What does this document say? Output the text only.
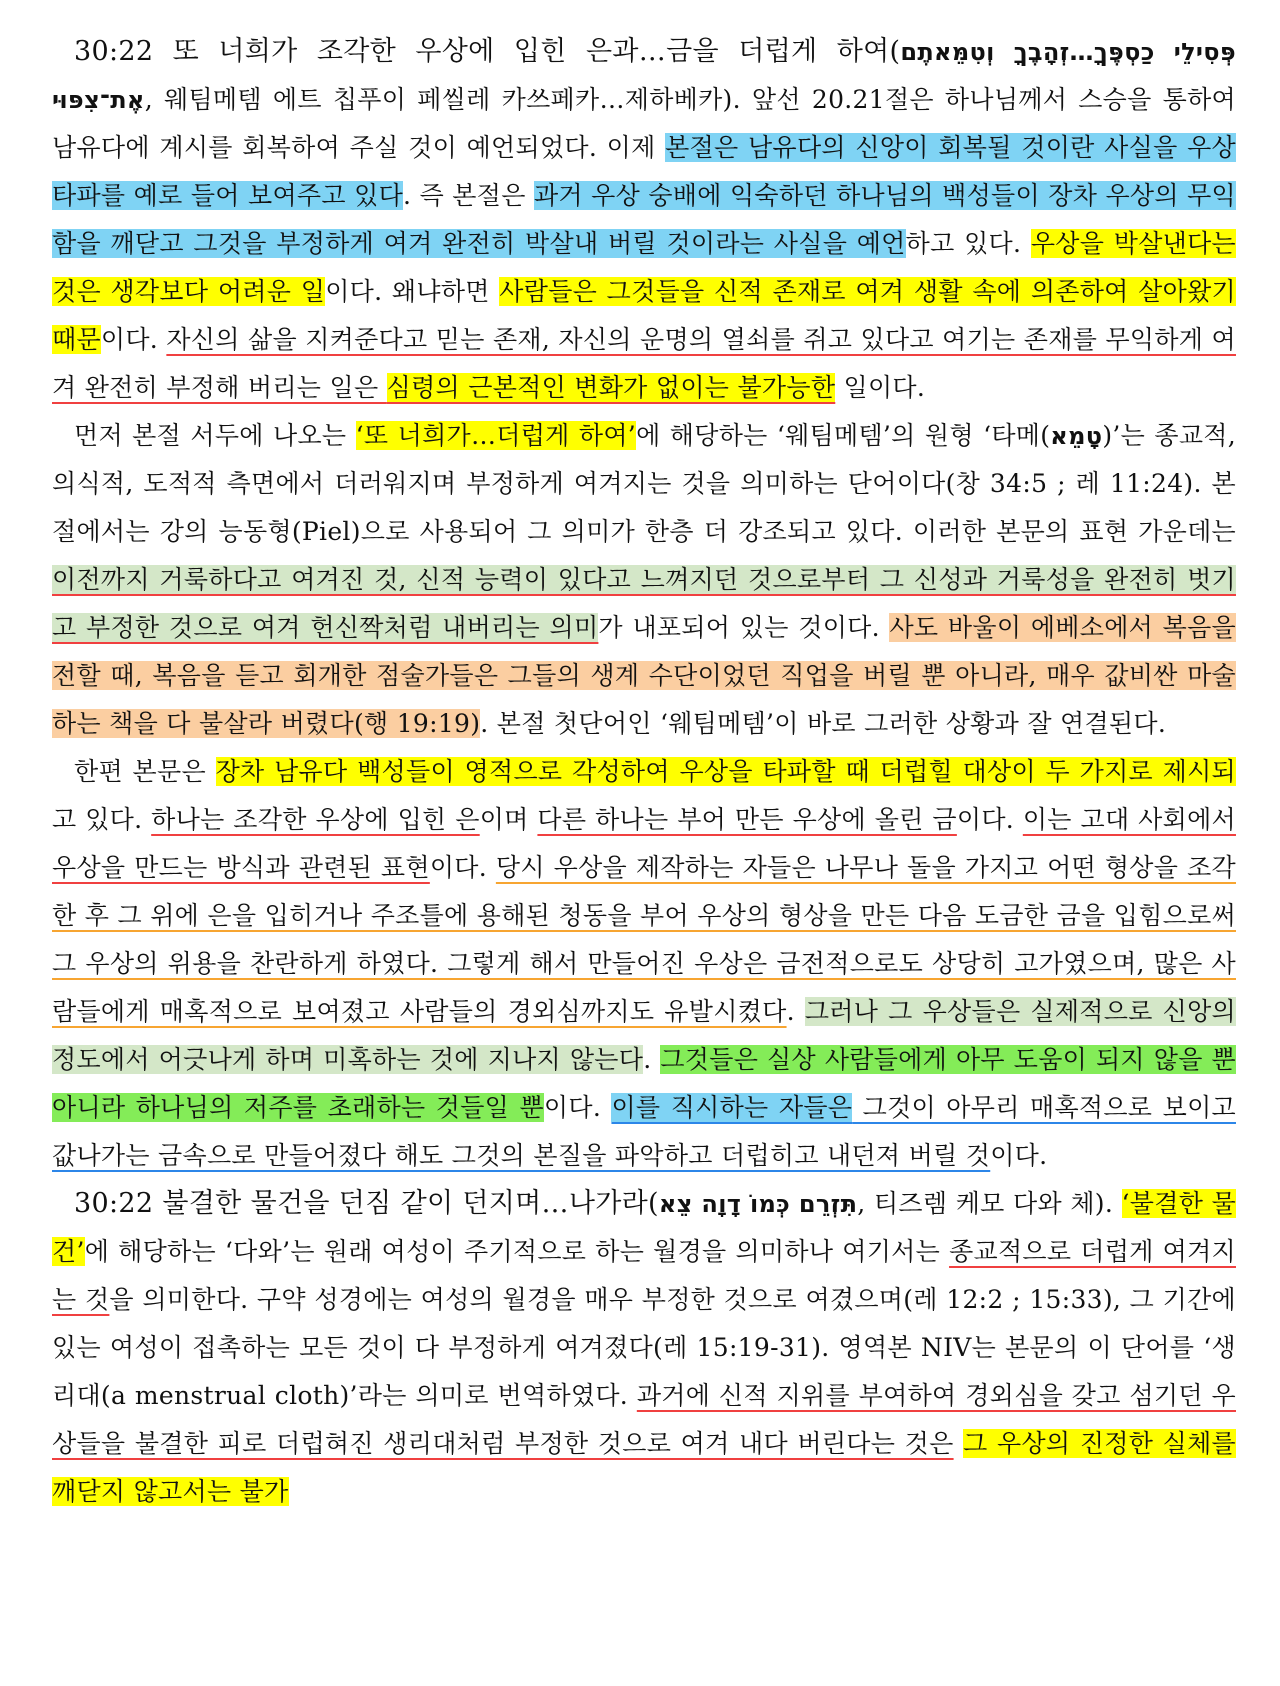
30:22 또 너희가 조각한 우상에 입힌 은과…금을 더럽게 하여(פְּסִילֵי כַסְפֶּךָ…זְהָבֶךָ וְטִמֵּאתֶם אֶת־צִפּוּי, 웨팀메템 에트 칩푸이 페씰레 카쓰페카…제하베카). 앞선 20.21절은 하나님께서 스승을 통하여 남유다에 계시를 회복하여 주실 것이 예언되었다. 이제 본절은 남유다의 신앙이 회복될 것이란 사실을 우상 타파를 예로 들어 보여주고 있다. 즉 본절은 과거 우상 숭배에 익숙하던 하나님의 백성들이 장차 우상의 무익함을 깨닫고 그것을 부정하게 여겨 완전히 박살내 버릴 것이라는 사실을 예언하고 있다. 우상을 박살낸다는 것은 생각보다 어려운 일이다. 왜냐하면 사람들은 그것들을 신적 존재로 여겨 생활 속에 의존하여 살아왔기 때문이다. 자신의 삶을 지켜준다고 믿는 존재, 자신의 운명의 열쇠를 쥐고 있다고 여기는 존재를 무익하게 여겨 완전히 부정해 버리는 일은 심령의 근본적인 변화가 없이는 불가능한 일이다.

먼저 본절 서두에 나오는 ‘또 너희가…더럽게 하여’에 해당하는 ‘웨팀메템’의 원형 ‘타메(טָמֵא)’는 종교적, 의식적, 도적적 측면에서 더러워지며 부정하게 여겨지는 것을 의미하는 단어이다(창 34:5 ; 레 11:24). 본절에서는 강의 능동형(Piel)으로 사용되어 그 의미가 한층 더 강조되고 있다. 이러한 본문의 표현 가운데는 이전까지 거룩하다고 여겨진 것, 신적 능력이 있다고 느껴지던 것으로부터 그 신성과 거룩성을 완전히 벗기고 부정한 것으로 여겨 헌신짝처럼 내버리는 의미가 내포되어 있는 것이다. 사도 바울이 에베소에서 복음을 전할 때, 복음을 듣고 회개한 점술가들은 그들의 생계 수단이었던 직업을 버릴 뿐 아니라, 매우 값비싼 마술하는 책을 다 불살라 버렸다(행 19:19). 본절 첫단어인 ‘웨팀메템’이 바로 그러한 상황과 잘 연결된다.

한편 본문은 장차 남유다 백성들이 영적으로 각성하여 우상을 타파할 때 더럽힐 대상이 두 가지로 제시되고 있다. 하나는 조각한 우상에 입힌 은이며 다른 하나는 부어 만든 우상에 올린 금이다. 이는 고대 사회에서 우상을 만드는 방식과 관련된 표현이다. 당시 우상을 제작하는 자들은 나무나 돌을 가지고 어떤 형상을 조각한 후 그 위에 은을 입히거나 주조틀에 용해된 청동을 부어 우상의 형상을 만든 다음 도금한 금을 입힘으로써 그 우상의 위용을 찬란하게 하였다. 그렇게 해서 만들어진 우상은 금전적으로도 상당히 고가였으며, 많은 사람들에게 매혹적으로 보여졌고 사람들의 경외심까지도 유발시켰다. 그러나 그 우상들은 실제적으로 신앙의 정도에서 어긋나게 하며 미혹하는 것에 지나지 않는다. 그것들은 실상 사람들에게 아무 도움이 되지 않을 뿐 아니라 하나님의 저주를 초래하는 것들일 뿐이다. 이를 직시하는 자들은 그것이 아무리 매혹적으로 보이고 값나가는 금속으로 만들어졌다 해도 그것의 본질을 파악하고 더럽히고 내던져 버릴 것이다.

30:22 불결한 물건을 던짐 같이 던지며…나가라(תִּזְרֵם כְּמוֹ דָוָה צֵא, 티즈렘 케모 다와 체). ‘불결한 물건’에 해당하는 ‘다와’는 원래 여성이 주기적으로 하는 월경을 의미하나 여기서는 종교적으로 더럽게 여겨지는 것을 의미한다. 구약 성경에는 여성의 월경을 매우 부정한 것으로 여겼으며(레 12:2 ; 15:33), 그 기간에 있는 여성이 접촉하는 모든 것이 다 부정하게 여겨졌다(레 15:19-31). 영역본 NIV는 본문의 이 단어를 ‘생리대(a menstrual cloth)’라는 의미로 번역하였다. 과거에 신적 지위를 부여하여 경외심을 갖고 섬기던 우상들을 불결한 피로 더럽혀진 생리대처럼 부정한 것으로 여겨 내다 버린다는 것은 그 우상의 진정한 실체를 깨닫지 않고서는 불가
